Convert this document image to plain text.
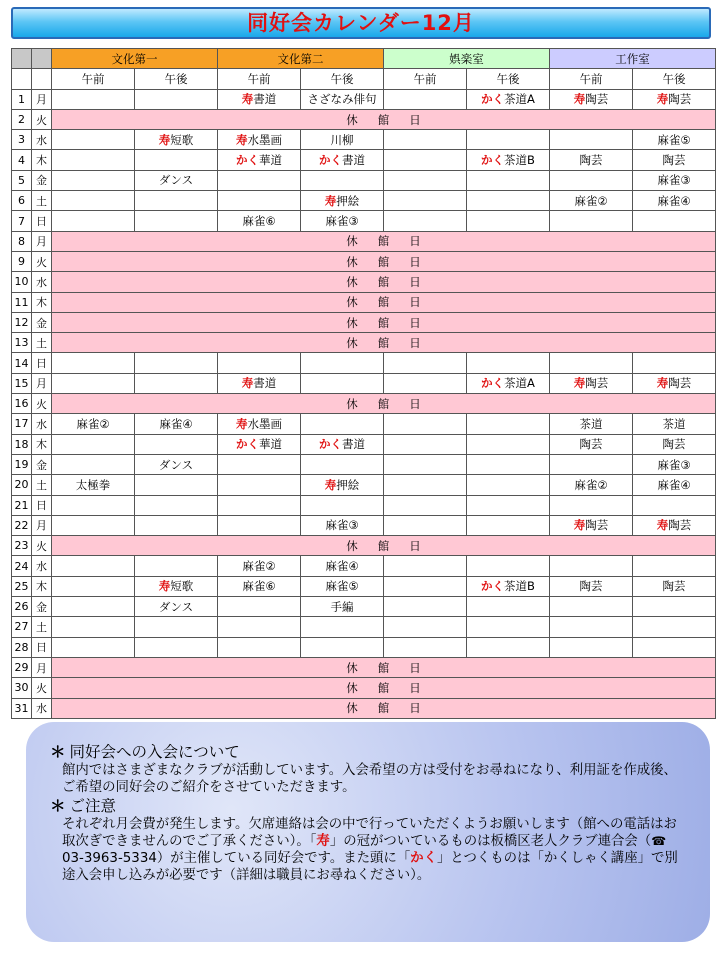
同好会カレンダー12月
		文化第一		文化第二		娯楽室		工作室	
		午前	午後	午前	午後	午前	午後	午前	午後
1	月			寿書道	さざなみ俳句		かく茶道A	寿陶芸	寿陶芸
2	火	休 館 日							
3	水		寿短歌	寿水墨画	川柳				麻雀⑤
4	木			かく華道	かく書道		かく茶道B	陶芸	陶芸
5	金		ダンス						麻雀③
6	土				寿押絵			麻雀②	麻雀④
7	日			麻雀⑥	麻雀③				
8	月	休 館 日							
9	火	休 館 日							
10	水	休 館 日							
11	木	休 館 日							
12	金	休 館 日							
13	土	休 館 日							
14	日								
15	月			寿書道			かく茶道A	寿陶芸	寿陶芸
16	火	休 館 日							
17	水	麻雀②	麻雀④	寿水墨画				茶道	茶道
18	木			かく華道	かく書道			陶芸	陶芸
19	金		ダンス						麻雀③
20	土	太極拳			寿押絵			麻雀②	麻雀④
21	日								
22	月				麻雀③			寿陶芸	寿陶芸
23	火	休 館 日							
24	水			麻雀②	麻雀④				
25	木		寿短歌	麻雀⑥	麻雀⑤		かく茶道B	陶芸	陶芸
26	金		ダンス		手編				
27	土								
28	日								
29	月	休 館 日							
30	火	休 館 日							
31	水	休 館 日							
＊ 同好会への入会について
館内ではさまざまなクラブが活動しています。入会希望の方は受付をお尋ねになり、利用証を作成後、ご希望の同好会のご紹介をさせていただきます。
＊ ご注意
それぞれ月会費が発生します。欠席連絡は会の中で行っていただくようお願いします（館への電話はお取次ぎできませんのでご了承ください）。「寿」の冠がついているものは板橋区老人クラブ連合会（☎ 03-3963-5334）が主催している同好会です。また頭に「かく」とつくものは「かくしゃく講座」で別途入会申し込みが必要です（詳細は職員にお尋ねください）。
